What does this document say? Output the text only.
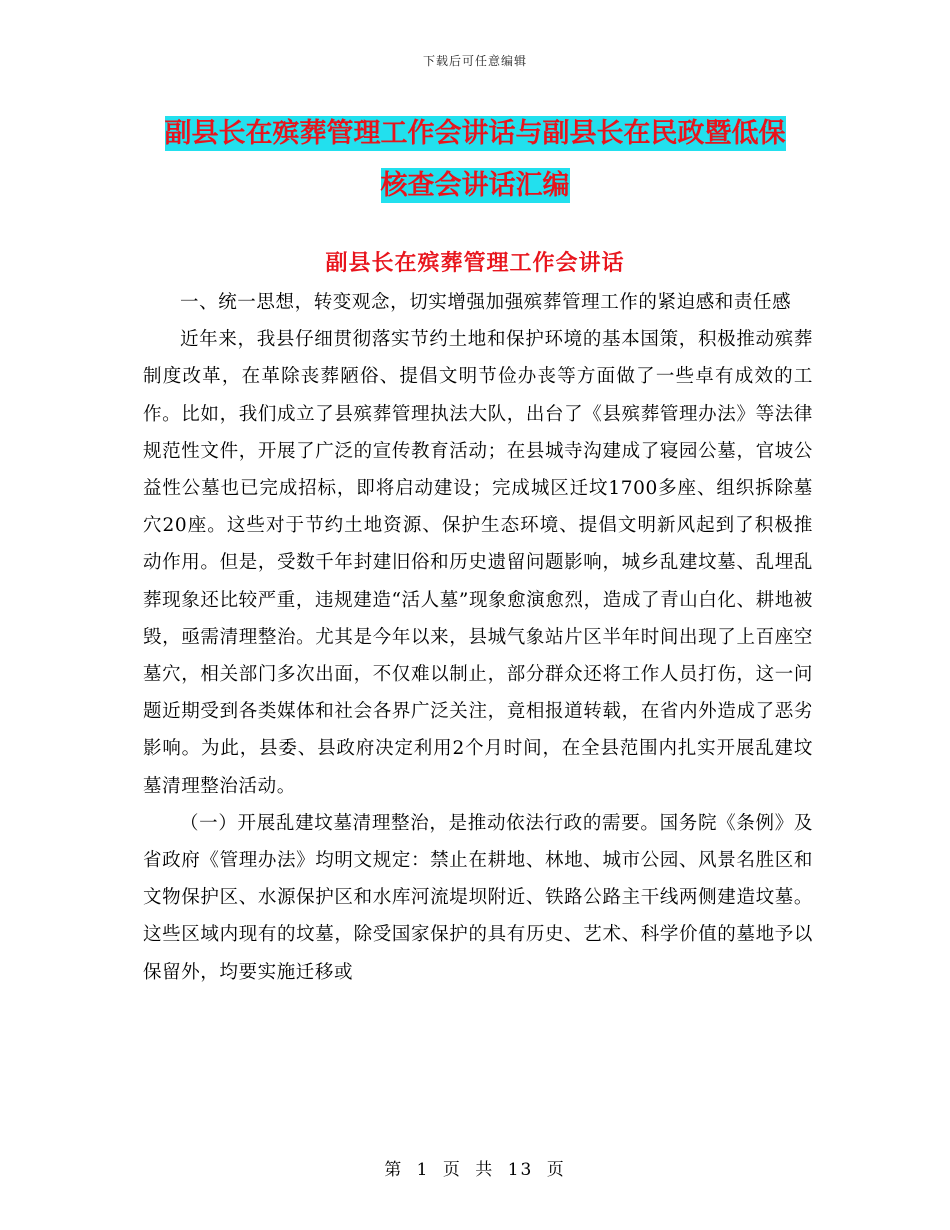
下载后可任意编辑
副县长在殡葬管理工作会讲话与副县长在民政暨低保
核查会讲话汇编
副县长在殡葬管理工作会讲话

一、统一思想，转变观念，切实增强加强殡葬管理工作的紧迫感和责任感

近年来，我县仔细贯彻落实节约土地和保护环境的基本国策，积极推动殡葬制度改革，在革除丧葬陋俗、提倡文明节俭办丧等方面做了一些卓有成效的工作。比如，我们成立了县殡葬管理执法大队，出台了《县殡葬管理办法》等法律规范性文件，开展了广泛的宣传教育活动；在县城寺沟建成了寝园公墓，官坡公益性公墓也已完成招标，即将启动建设；完成城区迁坟1700多座、组织拆除墓穴20座。这些对于节约土地资源、保护生态环境、提倡文明新风起到了积极推动作用。但是，受数千年封建旧俗和历史遗留问题影响，城乡乱建坟墓、乱埋乱葬现象还比较严重，违规建造“活人墓”现象愈演愈烈，造成了青山白化、耕地被毁，亟需清理整治。尤其是今年以来，县城气象站片区半年时间出现了上百座空墓穴，相关部门多次出面，不仅难以制止，部分群众还将工作人员打伤，这一问题近期受到各类媒体和社会各界广泛关注，竟相报道转载，在省内外造成了恶劣影响。为此，县委、县政府决定利用2个月时间，在全县范围内扎实开展乱建坟墓清理整治活动。

（一）开展乱建坟墓清理整治，是推动依法行政的需要。国务院《条例》及省政府《管理办法》均明文规定：禁止在耕地、林地、城市公园、风景名胜区和文物保护区、水源保护区和水库河流堤坝附近、铁路公路主干线两侧建造坟墓。这些区域内现有的坟墓，除受国家保护的具有历史、艺术、科学价值的墓地予以保留外，均要实施迁移或

第 1 页 共 13 页
